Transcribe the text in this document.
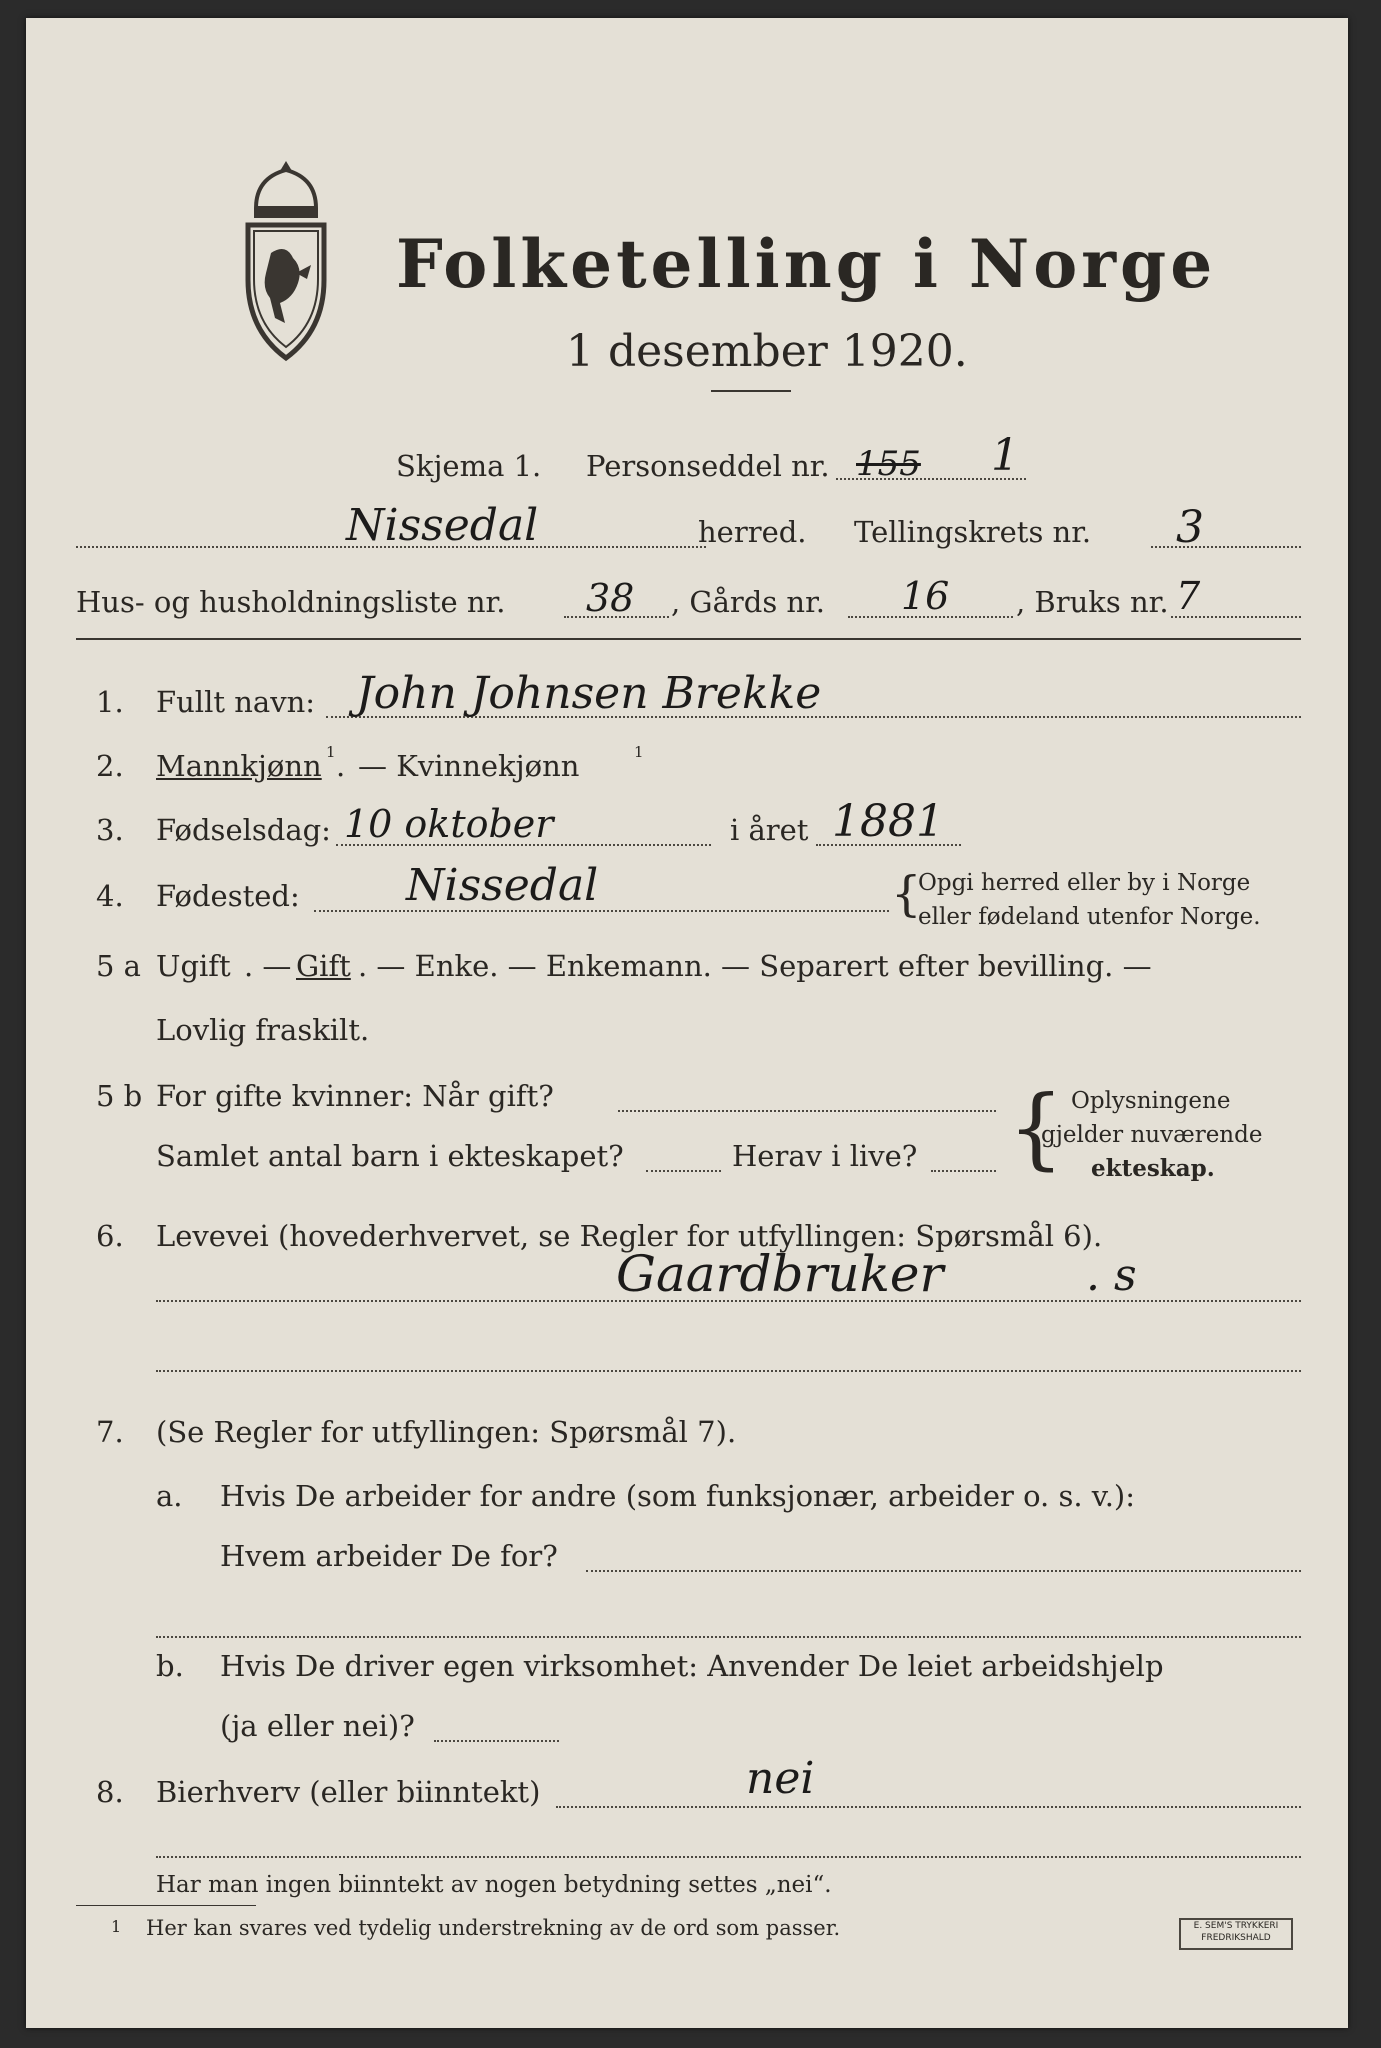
Folketelling i Norge
1 desember 1920.
Skjema 1. Personseddel nr. 155 1
Nissedal	herred. Tellingskrets nr. 3
Hus- og husholdningsliste nr. 38 , Gårds nr. 16 , Bruks nr. 7
1. Fullt navn: John Johnsen Brekke
2. Mannkjønn 1 . — Kvinnekjønn	1
3. Fødselsdag: 10 oktober	i året 1881
4. Fødested: Nissedal	{
Opgi herred eller by i Norge
eller fødeland utenfor Norge.
5 a Ugift . — Gift . — Enke. — Enkemann. — Separert efter bevilling. —
Lovlig fraskilt.
5 b For gifte kvinner: Når gift?
Samlet antal barn i ekteskapet?	Herav i live? { Oplysningene
gjelder nuværende
ekteskap.
6. Levevei (hovederhvervet, se Regler for utfyllingen: Spørsmål 6).
Gaardbruker	. s
7. (Se Regler for utfyllingen: Spørsmål 7).
a. Hvis De arbeider for andre (som funksjonær, arbeider o. s. v.):
Hvem arbeider De for?
b. Hvis De driver egen virksomhet: Anvender De leiet arbeidshjelp
(ja eller nei)?
8. Bierhverv (eller biinntekt)	nei
Har man ingen biinntekt av nogen betydning settes „nei“.
1 Her kan svares ved tydelig understrekning av de ord som passer.	E. SEM'S TRYKKERI
FREDRIKSHALD
